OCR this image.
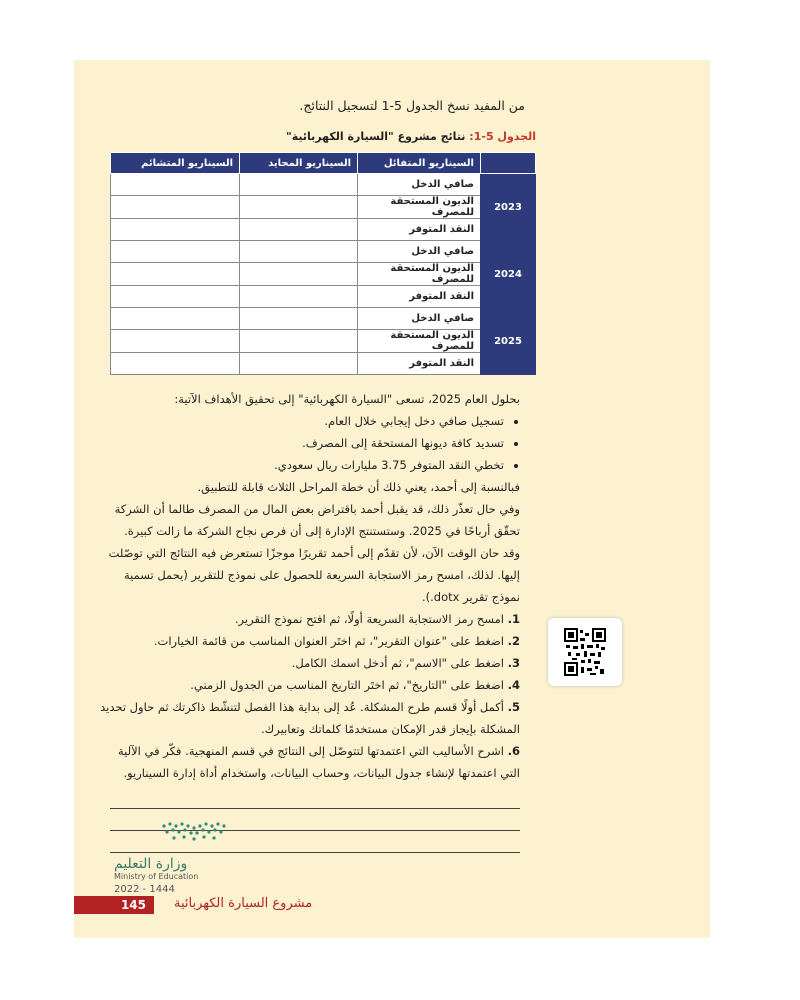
من المفيد نسخ الجدول 5-1 لتسجيل النتائج.
الجدول 5-1: نتائج مشروع "السيارة الكهربائية"
	السيناريو المتفائل	السيناريو المحايد	السيناريو المتشائم
2023	صافي الدخل		
	الديون المستحقة للمصرف		
	النقد المتوفر		
2024	صافي الدخل		
	الديون المستحقة للمصرف		
	النقد المتوفر		
2025	صافي الدخل		
	الديون المستحقة للمصرف		
	النقد المتوفر		

بحلول العام 2025، تسعى "السيارة الكهربائية" إلى تحقيق الأهداف الآتية:

• تسجيل صافي دخل إيجابي خلال العام.
• تسديد كافة ديونها المستحقة إلى المصرف.
• تخطي النقد المتوفر 3.75 مليارات ريال سعودي.

فبالنسبة إلى أحمد، يعني ذلك أن خطة المراحل الثلاث قابلة للتطبيق.

وفي حال تعذّر ذلك، قد يقبل أحمد باقتراض بعض المال من المصرف طالما أن الشركة تحقّق أرباحًا في 2025. وستستنتج الإدارة إلى أن فرص نجاح الشركة ما زالت كبيرة.

وقد حان الوقت الآن، لأن تقدّم إلى أحمد تقريرًا موجزًا تستعرض فيه النتائج التي توصّلت إليها. لذلك، امسح رمز الاستجابة السريعة للحصول على نموذج للتقرير (يحمل تسمية نموذج تقرير dotx.).

1. امسح رمز الاستجابة السريعة أولًا، ثم افتح نموذج التقرير.

2. اضغط على "عنوان التقرير"، ثم اختَر العنوان المناسب من قائمة الخيارات.

3. اضغط على "الاسم"، ثم أدخل اسمك الكامل.

4. اضغط على "التاريخ"، ثم اختَر التاريخ المناسب من الجدول الزمني.

5. أكمل أولًا قسم طرح المشكلة. عُد إلى بداية هذا الفصل لتنشّط ذاكرتك ثم حاول تحديد المشكلة بإيجاز قدر الإمكان مستخدمًا كلماتك وتعابيرك.

6. اشرح الأساليب التي اعتمدتها لتتوصّل إلى النتائج في قسم المنهجية. فكّر في الآلية التي اعتمدتها لإنشاء جدول البيانات، وحساب البيانات، واستخدام أداة إدارة السيناريو.

وزارة التعليم
Ministry of Education
2022 - 1444
145	مشروع السيارة الكهربائية
